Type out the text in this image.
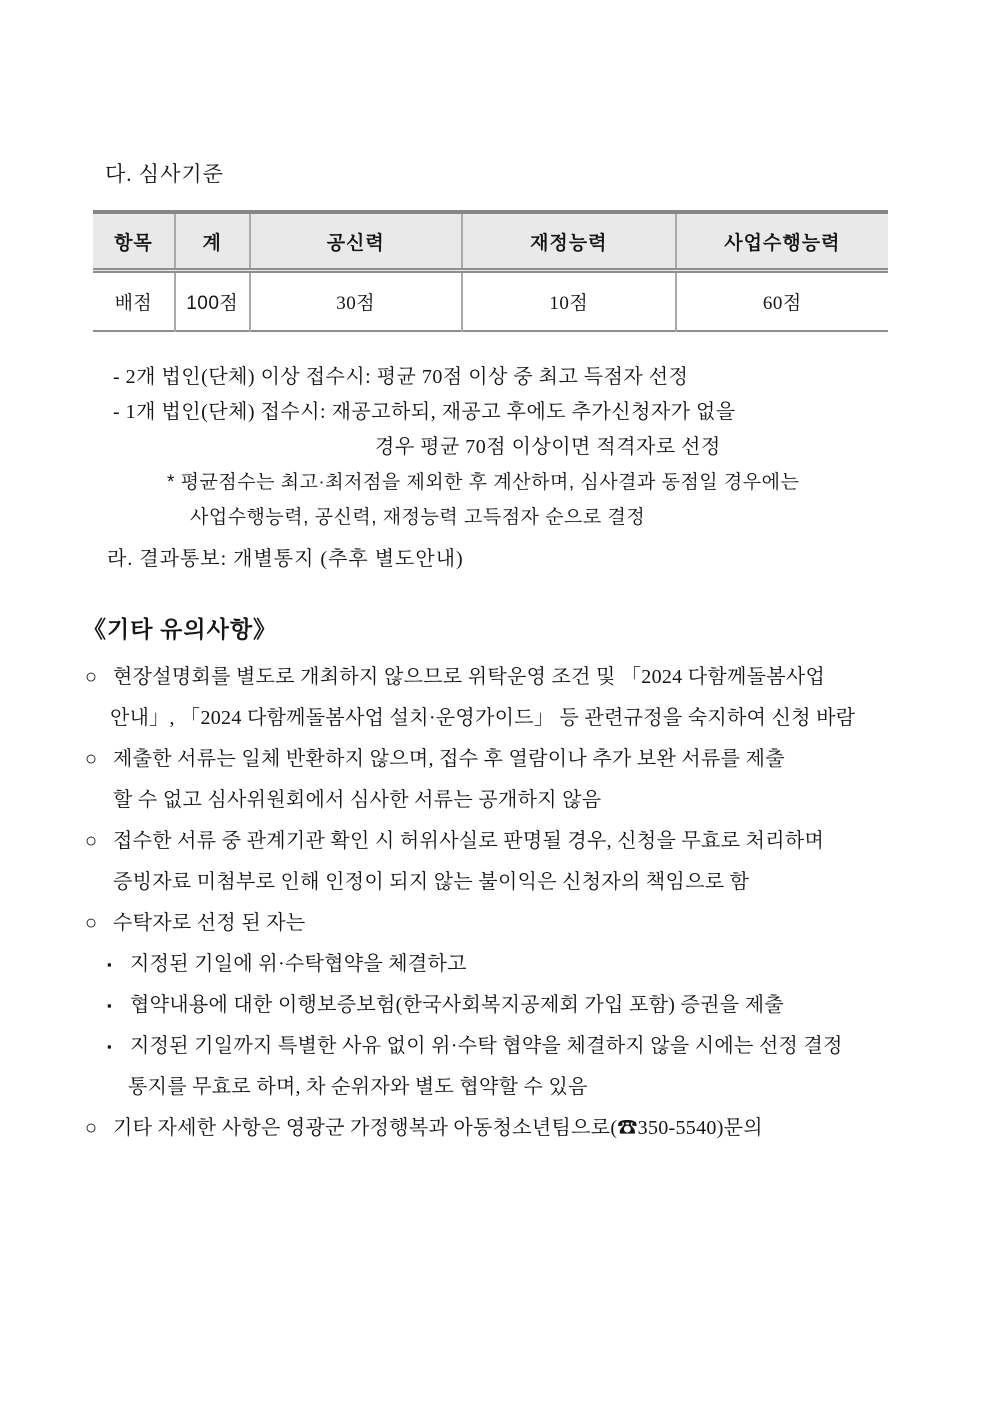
다. 심사기준
항목	계	공신력	재정능력	사업수행능력
배점	100점	30점	10점	60점
- 2개 법인(단체) 이상 접수시: 평균 70점 이상 중 최고 득점자 선정
- 1개 법인(단체) 접수시: 재공고하되, 재공고 후에도 추가신청자가 없을
경우 평균 70점 이상이면 적격자로 선정
* 평균점수는 최고·최저점을 제외한 후 계산하며, 심사결과 동점일 경우에는
사업수행능력, 공신력, 재정능력 고득점자 순으로 결정
라. 결과통보: 개별통지 (추후 별도안내)
《기타 유의사항》
○ 현장설명회를 별도로 개최하지 않으므로 위탁운영 조건 및 「2024 다함께돌봄사업
안내」, 「2024 다함께돌봄사업 설치·운영가이드」 등 관련규정을 숙지하여 신청 바람
○ 제출한 서류는 일체 반환하지 않으며, 접수 후 열람이나 추가 보완 서류를 제출
할 수 없고 심사위원회에서 심사한 서류는 공개하지 않음
○ 접수한 서류 중 관계기관 확인 시 허위사실로 판명될 경우, 신청을 무효로 처리하며
증빙자료 미첨부로 인해 인정이 되지 않는 불이익은 신청자의 책임으로 함
○ 수탁자로 선정 된 자는
▪ 지정된 기일에 위·수탁협약을 체결하고
▪ 협약내용에 대한 이행보증보험(한국사회복지공제회 가입 포함) 증권을 제출
▪ 지정된 기일까지 특별한 사유 없이 위·수탁 협약을 체결하지 않을 시에는 선정 결정
통지를 무효로 하며, 차 순위자와 별도 협약할 수 있음
○ 기타 자세한 사항은 영광군 가정행복과 아동청소년팀으로(☎350-5540)문의
